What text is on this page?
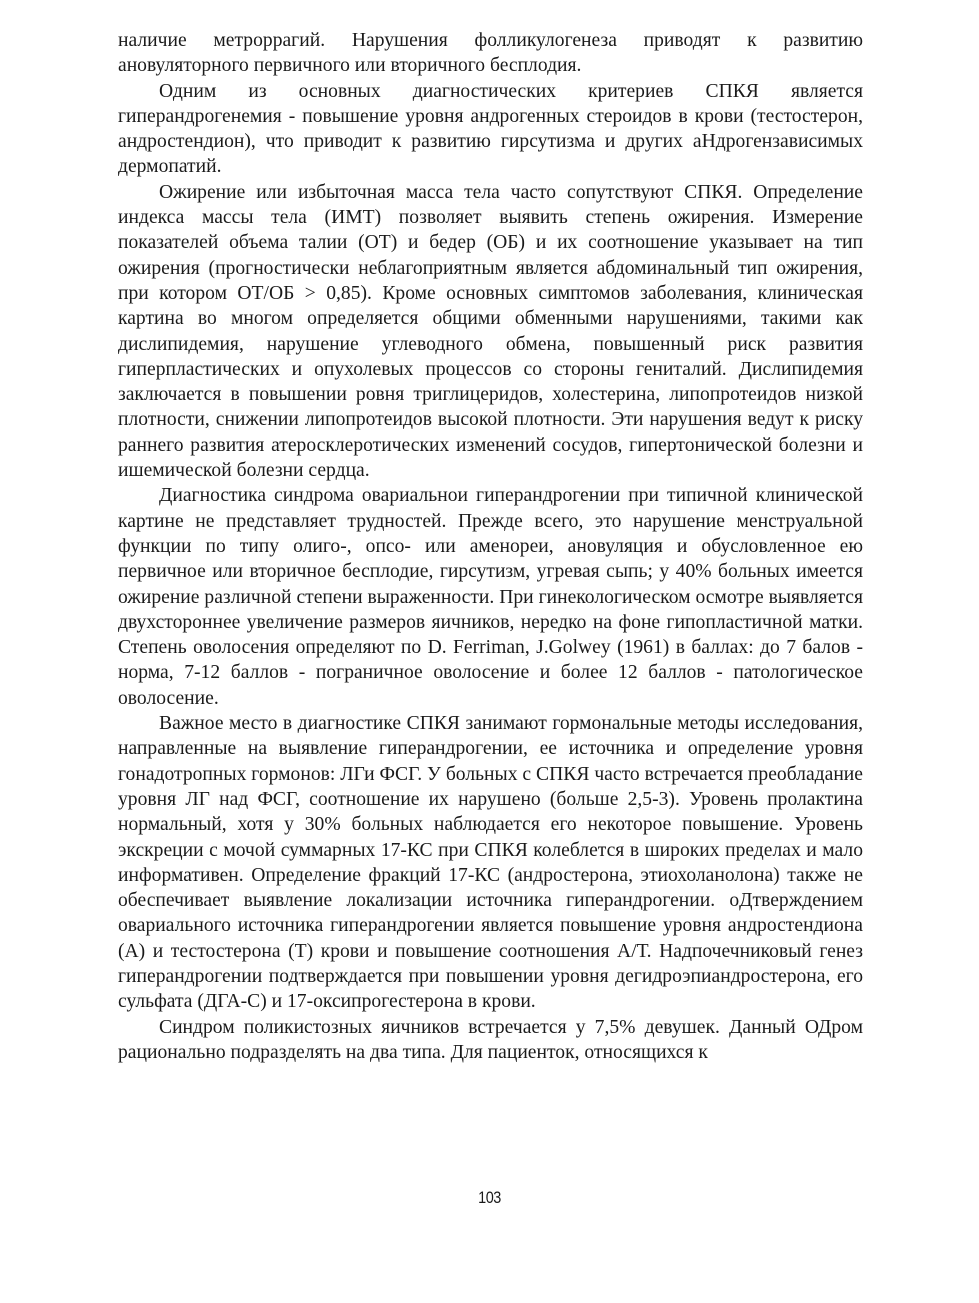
наличие метроррагий. Нарушения фолликулогенеза приводят к развитию ановуляторного первичного или вторичного бесплодия.

Одним из основных диагностических критериев СПКЯ является гиперандрогенемия - повышение уровня андрогенных стероидов в крови (тестостерон, андростендион), что приводит к развитию гирсутизма и других аНдрогензависимых дермопатий.

Ожирение или избыточная масса тела часто сопутствуют СПКЯ. Определение индекса массы тела (ИМТ) позволяет выявить степень ожирения. Измерение показателей объема талии (ОТ) и бедер (ОБ) и их соотношение указывает на тип ожирения (прогностически неблагоприятным является абдоминальный тип ожирения, при котором ОТ/ОБ > 0,85). Кроме основных симптомов заболевания, клиническая картина во многом определяется общими обменными нарушениями, такими как дислипидемия, нарушение углеводного обмена, повышенный риск развития гиперпластических и опухолевых процессов со стороны гениталий. Дислипидемия заключается в повышении ровня триглицеридов, холестерина, липопротеидов низкой плотности, снижении липопротеидов высокой плотности. Эти нарушения ведут к риску раннего развития атеросклеротических изменений сосудов, гипертонической болезни и ишемической болезни сердца.

Диагностика синдрома овариальнои гиперандрогении при типичной клинической картине не представляет трудностей. Прежде всего, это нарушение менструальной функции по типу олиго-, опсо- или аменореи, ановуляция и обусловленное ею первичное или вторичное бесплодие, гирсутизм, угревая сыпь; у 40% больных имеется ожирение различной степени выраженности. При гинекологическом осмотре выявляется двухстороннее увеличение размеров яичников, нередко на фоне гипопластичной матки. Степень оволосения определяют по D. Ferriman, J.Golwey (1961) в баллах: до 7 балов - норма, 7-12 баллов - пограничное оволосение и более 12 баллов - патологическое оволосение.

Важное место в диагностике СПКЯ занимают гормональные методы исследования, направленные на выявление гиперандрогении, ее источника и определение уровня гонадотропных гормонов: ЛГи ФСГ. У больных с СПКЯ часто встречается преобладание уровня ЛГ над ФСГ, соотношение их нарушено (больше 2,5-3). Уровень пролактина нормальный, хотя у 30% больных наблюдается его некоторое повышение. Уровень экскреции с мочой суммарных 17-КС при СПКЯ колеблется в широких пределах и мало информативен. Определение фракций 17-КС (андростерона, этиохоланолона) также не обеспечивает выявление локализации источника гиперандрогении. оДтверждением овариального источника гиперандрогении является повышение уровня андростендиона (А) и тестостерона (Т) крови и повышение соотношения А/Т. Надпочечниковый генез гиперандрогении подтверждается при повышении уровня дегидроэпиандростерона, его сульфата (ДГА-С) и 17-оксипрогестерона в крови.

Синдром поликистозных яичников встречается у 7,5% девушек. Данный ОДром рационально подразделять на два типа. Для пациенток, относящихся к

103
